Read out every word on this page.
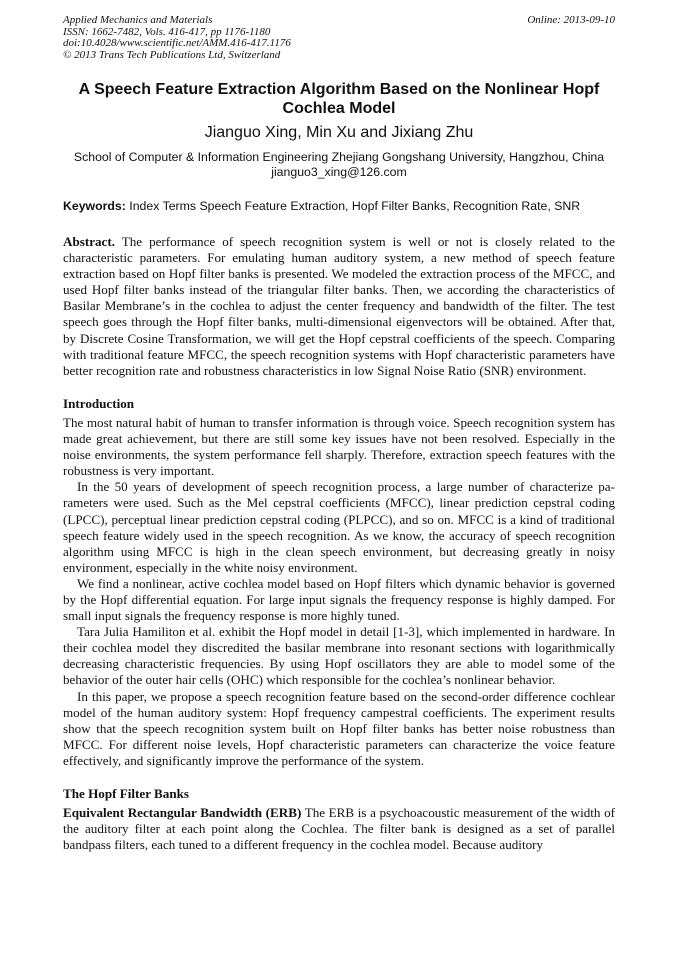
Applied Mechanics and Materials
ISSN: 1662-7482, Vols. 416-417, pp 1176-1180
doi:10.4028/www.scientific.net/AMM.416-417.1176
© 2013 Trans Tech Publications Ltd, Switzerland
Online: 2013-09-10
A Speech Feature Extraction Algorithm Based on the Nonlinear Hopf Cochlea Model
Jianguo Xing, Min Xu and Jixiang Zhu
School of Computer & Information Engineering Zhejiang Gongshang University, Hangzhou, China
jianguo3_xing@126.com
Keywords: Index Terms Speech Feature Extraction, Hopf Filter Banks, Recognition Rate, SNR

Abstract. The performance of speech recognition system is well or not is closely related to the characteristic parameters. For emulating human auditory system, a new method of speech feature extraction based on Hopf filter banks is presented. We modeled the extraction process of the MFCC, and used Hopf filter banks instead of the triangular filter banks. Then, we according the characteristics of Basilar Membrane’s in the cochlea to adjust the center frequency and bandwidth of the filter. The test speech goes through the Hopf filter banks, multi-dimensional eigenvectors will be obtained. After that, by Discrete Cosine Transformation, we will get the Hopf cepstral coefficients of the speech. Comparing with traditional feature MFCC, the speech recognition systems with Hopf characteristic parameters have better recognition rate and robustness characteristics in low Signal Noise Ratio (SNR) environment.

Introduction

The most natural habit of human to transfer information is through voice. Speech recognition system has made great achievement, but there are still some key issues have not been resolved. Especially in the noise environments, the system performance fell sharply. Therefore, extraction speech features with the robustness is very important.

In the 50 years of development of speech recognition process, a large number of characterize parameters were used. Such as the Mel cepstral coefficients (MFCC), linear prediction cepstral coding (LPCC), perceptual linear prediction cepstral coding (PLPCC), and so on. MFCC is a kind of traditional speech feature widely used in the speech recognition. As we know, the accuracy of speech recognition algorithm using MFCC is high in the clean speech environment, but decreasing greatly in noisy environment, especially in the white noisy environment.

We find a nonlinear, active cochlea model based on Hopf filters which dynamic behavior is governed by the Hopf differential equation. For large input signals the frequency response is highly damped. For small input signals the frequency response is more highly tuned.

Tara Julia Hamiliton et al. exhibit the Hopf model in detail [1-3], which implemented in hardware. In their cochlea model they discredited the basilar membrane into resonant sections with logarithmically decreasing characteristic frequencies. By using Hopf oscillators they are able to model some of the behavior of the outer hair cells (OHC) which responsible for the cochlea’s nonlinear behavior.

In this paper, we propose a speech recognition feature based on the second-order difference cochlear model of the human auditory system: Hopf frequency campestral coefficients. The experiment results show that the speech recognition system built on Hopf filter banks has better noise robustness than MFCC. For different noise levels, Hopf characteristic parameters can characterize the voice feature effectively, and significantly improve the performance of the system.

The Hopf Filter Banks

Equivalent Rectangular Bandwidth (ERB) The ERB is a psychoacoustic measurement of the width of the auditory filter at each point along the Cochlea. The filter bank is designed as a set of parallel bandpass filters, each tuned to a different frequency in the cochlea model. Because auditory
